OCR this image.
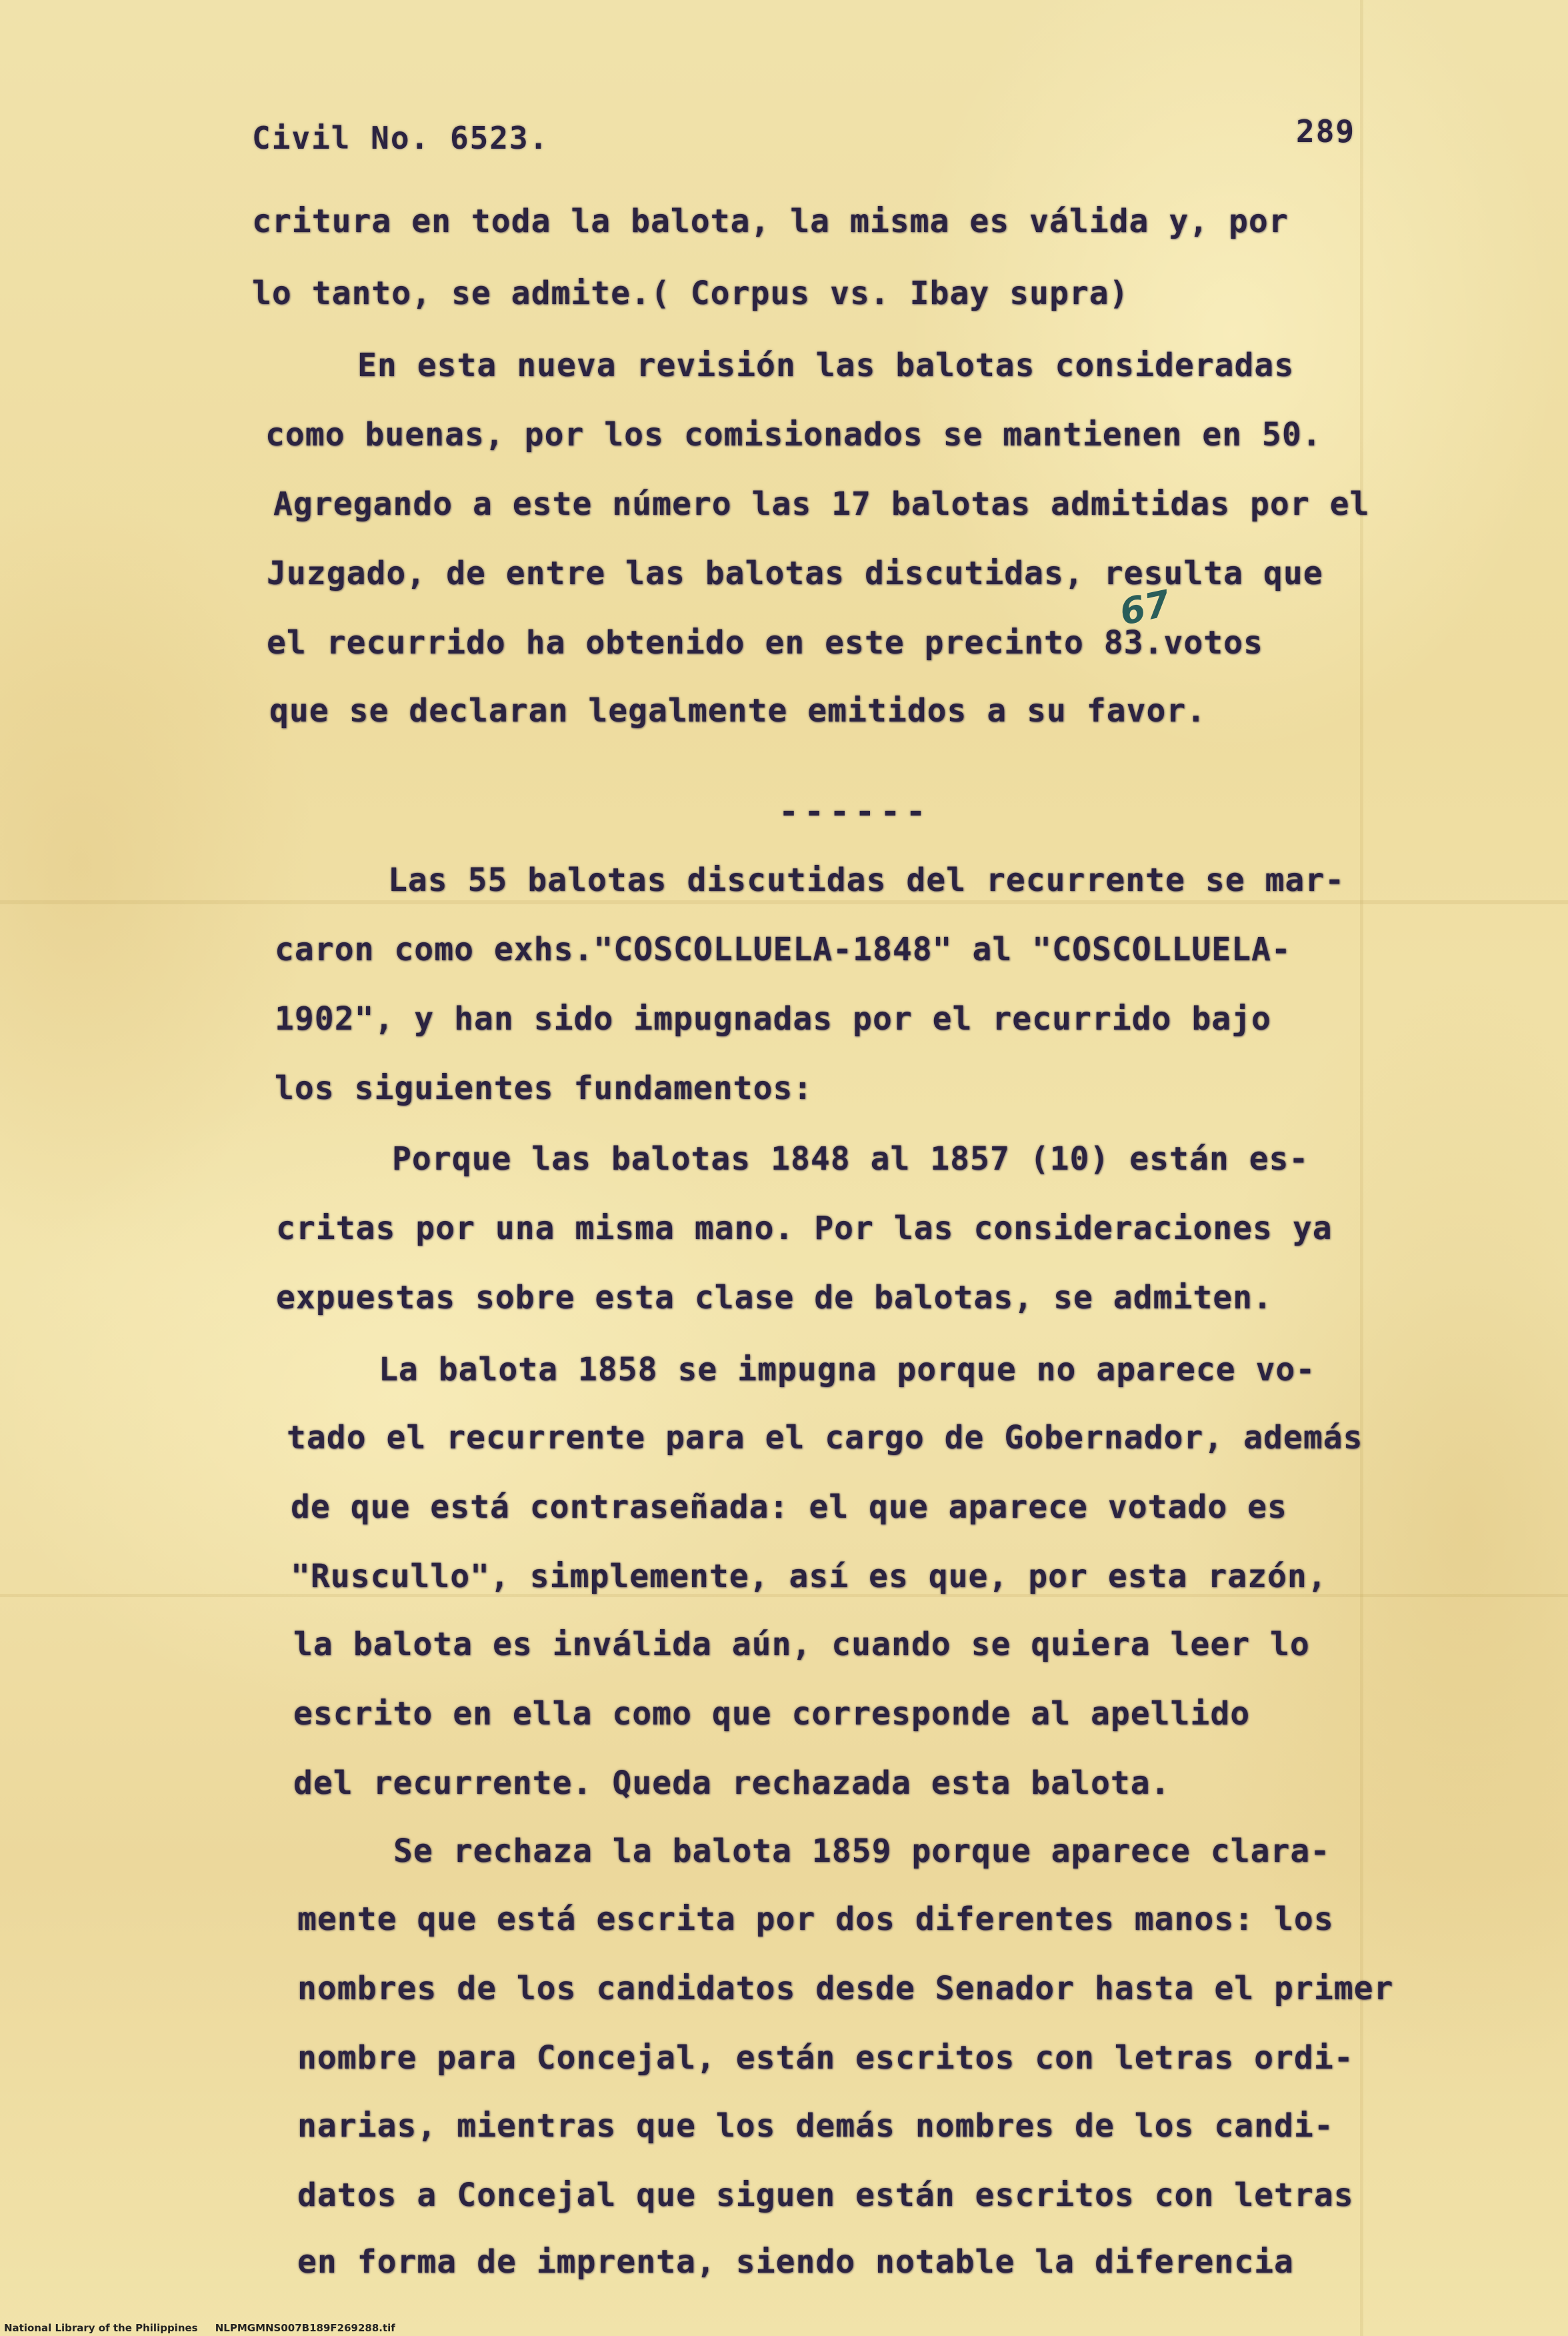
Civil No. 6523.	289

critura en toda la balota, la misma es válida y, por

lo tanto, se admite.( Corpus vs. Ibay supra)

En esta nueva revisión las balotas consideradas

como buenas, por los comisionados se mantienen en 50.

Agregando a este número las 17 balotas admitidas por el

Juzgado, de entre las balotas discutidas, resulta que

el recurrido ha obtenido en este precinto 83.votos

que se declaran legalmente emitidos a su favor.

67
------

Las 55 balotas discutidas del recurrente se mar-

caron como exhs."COSCOLLUELA-1848" al "COSCOLLUELA-

1902", y han sido impugnadas por el recurrido bajo

los siguientes fundamentos:

Porque las balotas 1848 al 1857 (10) están es-

critas por una misma mano. Por las consideraciones ya

expuestas sobre esta clase de balotas, se admiten.

La balota 1858 se impugna porque no aparece vo-

tado el recurrente para el cargo de Gobernador, además

de que está contraseñada: el que aparece votado es

"Ruscullo", simplemente, así es que, por esta razón,

la balota es inválida aún, cuando se quiera leer lo

escrito en ella como que corresponde al apellido

del recurrente. Queda rechazada esta balota.

Se rechaza la balota 1859 porque aparece clara-

mente que está escrita por dos diferentes manos: los

nombres de los candidatos desde Senador hasta el primer

nombre para Concejal, están escritos con letras ordi-

narias, mientras que los demás nombres de los candi-

datos a Concejal que siguen están escritos con letras

en forma de imprenta, siendo notable la diferencia

National Library of the Philippines NLPMGMNS007B189F269288.tif
